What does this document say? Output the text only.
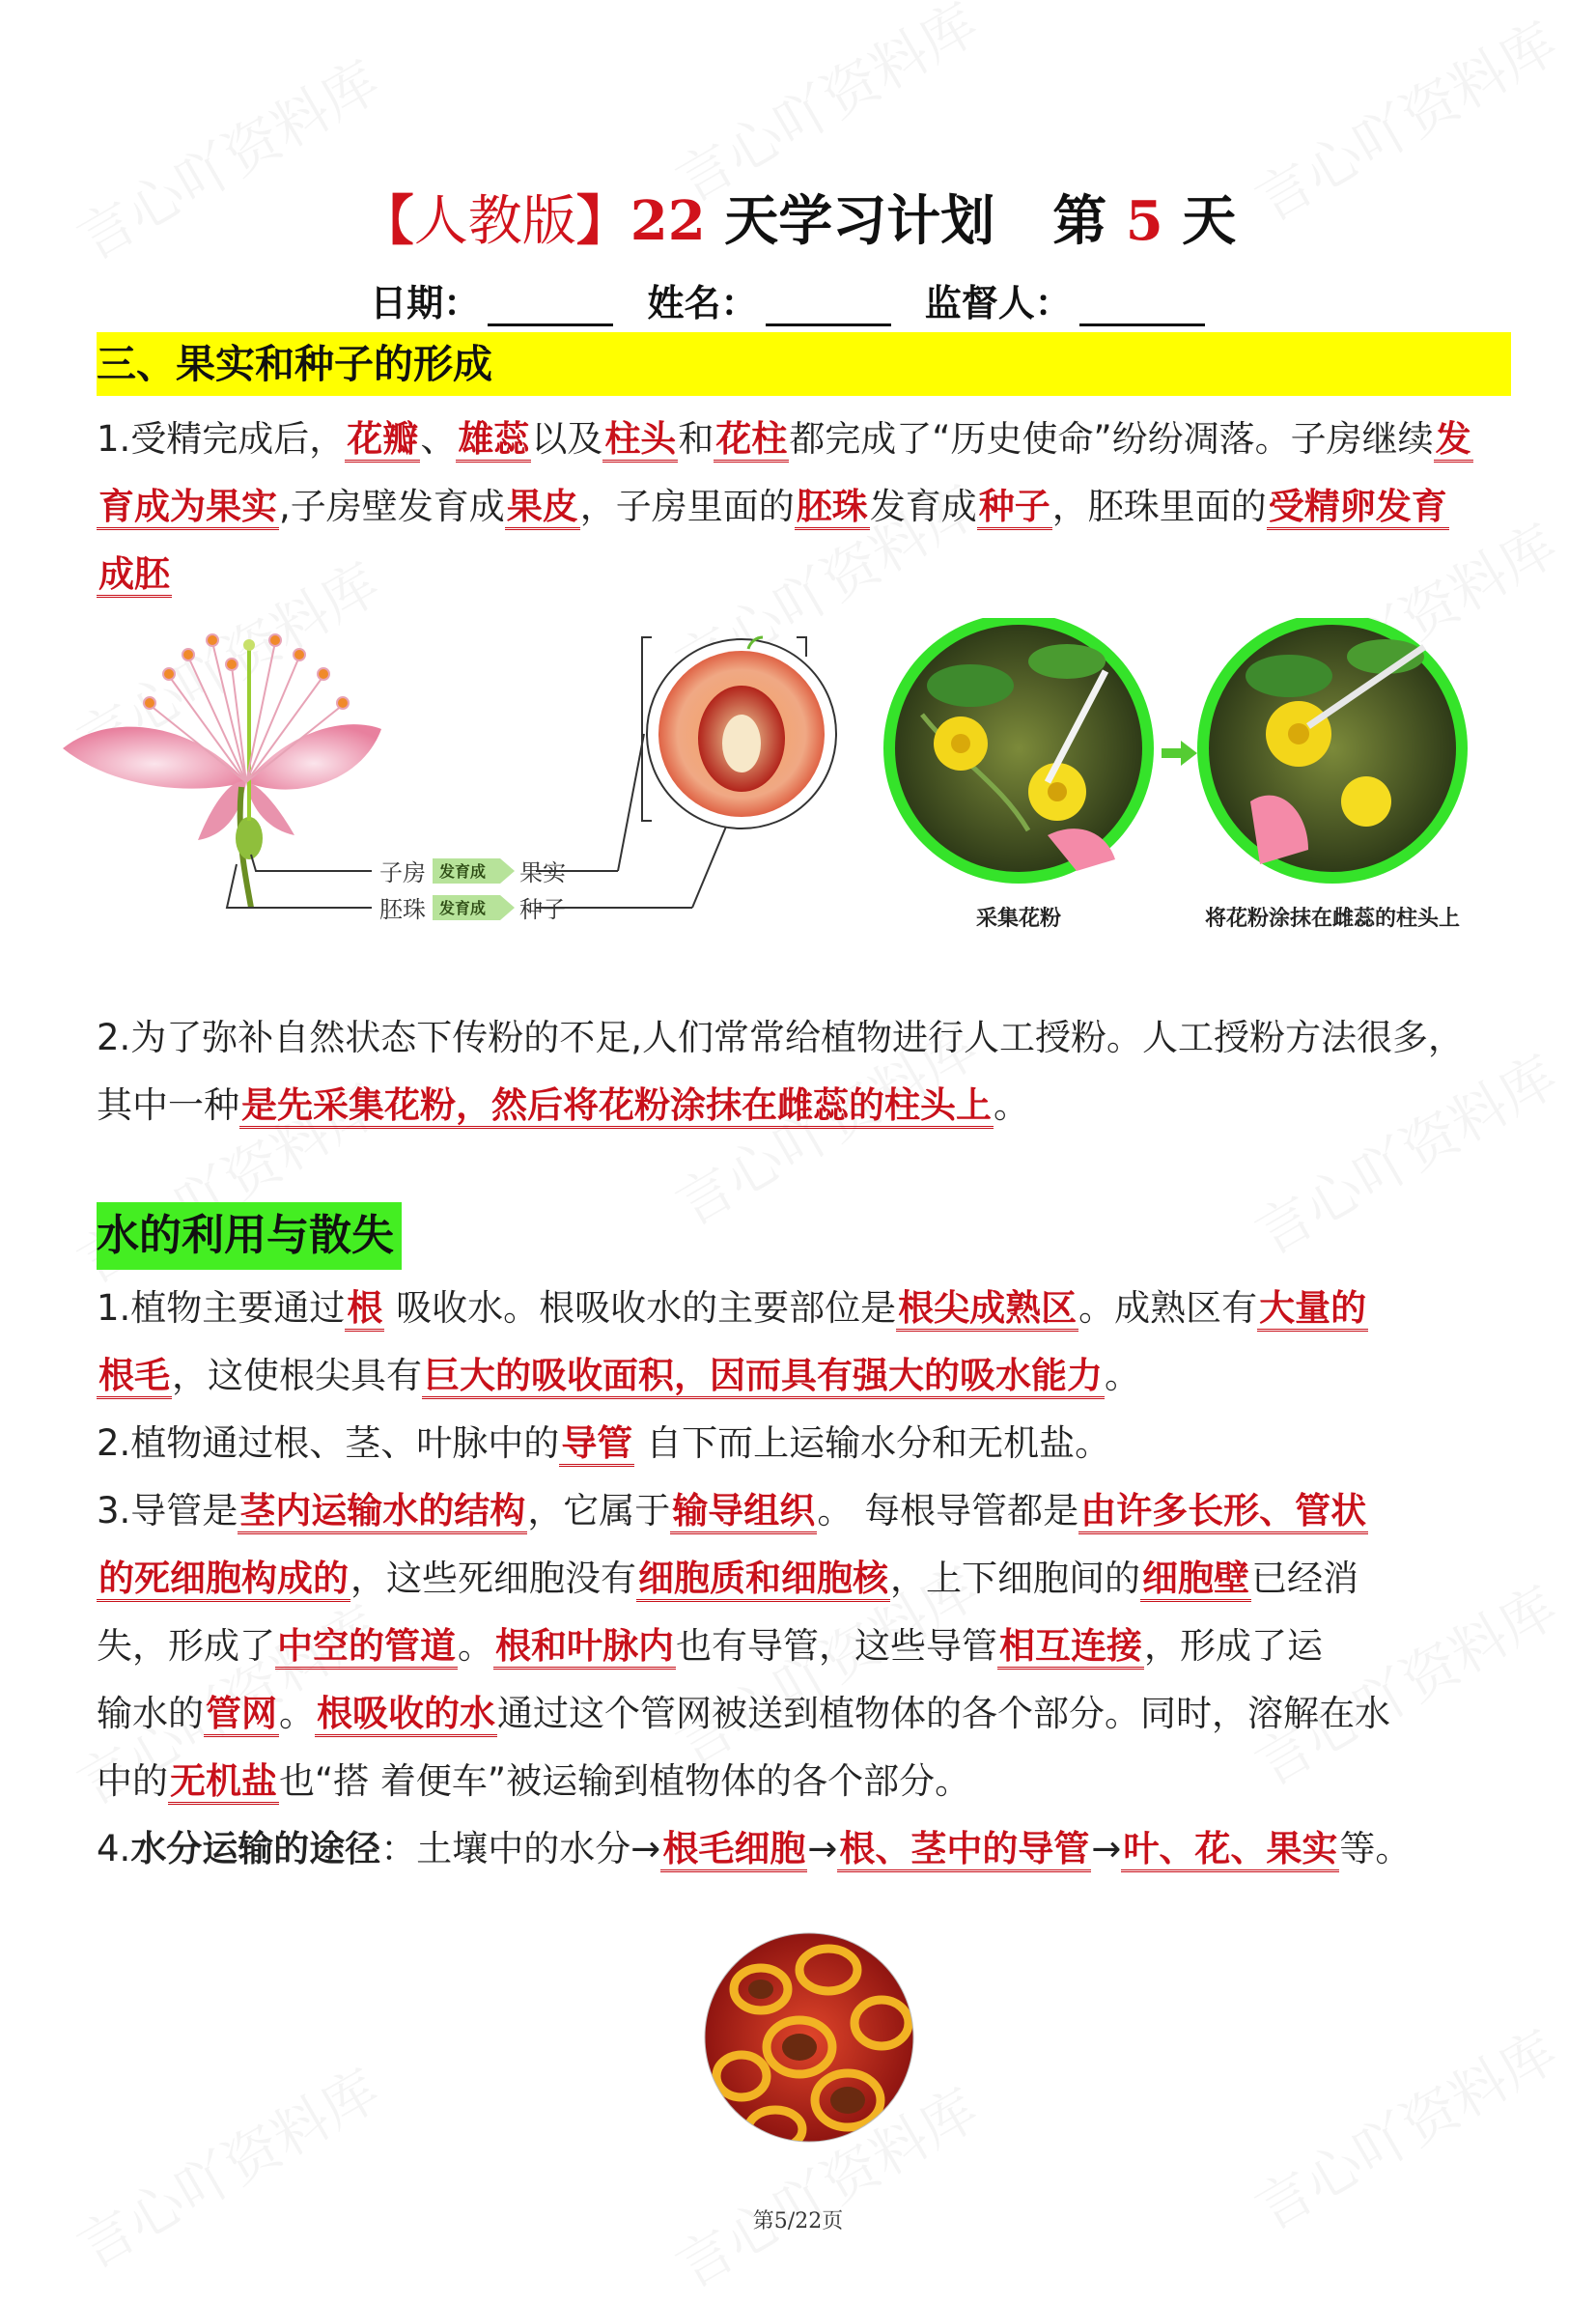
【人教版】22 天学习计划 第 5 天
日期：	姓名：	监督人：
三、果实和种子的形成
1.受精完成后，花瓣、雄蕊以及柱头和花柱都完成了“历史使命”纷纷凋落。子房继续发
育成为果实,子房壁发育成果皮，子房里面的胚珠发育成种子，胚珠里面的受精卵发育
成胚
子房 发育成 果实
胚珠 发育成 种子	采集花粉	将花粉涂抹在雌蕊的柱头上
2.为了弥补自然状态下传粉的不足,人们常常给植物进行人工授粉。人工授粉方法很多，
其中一种是先采集花粉，然后将花粉涂抹在雌蕊的柱头上。
水的利用与散失
1.植物主要通过根 吸收水。根吸收水的主要部位是根尖成熟区。成熟区有大量的
根毛，这使根尖具有巨大的吸收面积，因而具有强大的吸水能力。
2.植物通过根、茎、叶脉中的导管 自下而上运输水分和无机盐。
3.导管是茎内运输水的结构，它属于输导组织。 每根导管都是由许多长形、管状
的死细胞构成的，这些死细胞没有细胞质和细胞核，上下细胞间的细胞壁已经消
失，形成了中空的管道。根和叶脉内也有导管，这些导管相互连接，形成了运
输水的管网。根吸收的水通过这个管网被送到植物体的各个部分。同时，溶解在水
中的无机盐也“搭 着便车”被运输到植物体的各个部分。
4.水分运输的途径：土壤中的水分→根毛细胞→根、茎中的导管→叶、花、果实等。
第5/22页
